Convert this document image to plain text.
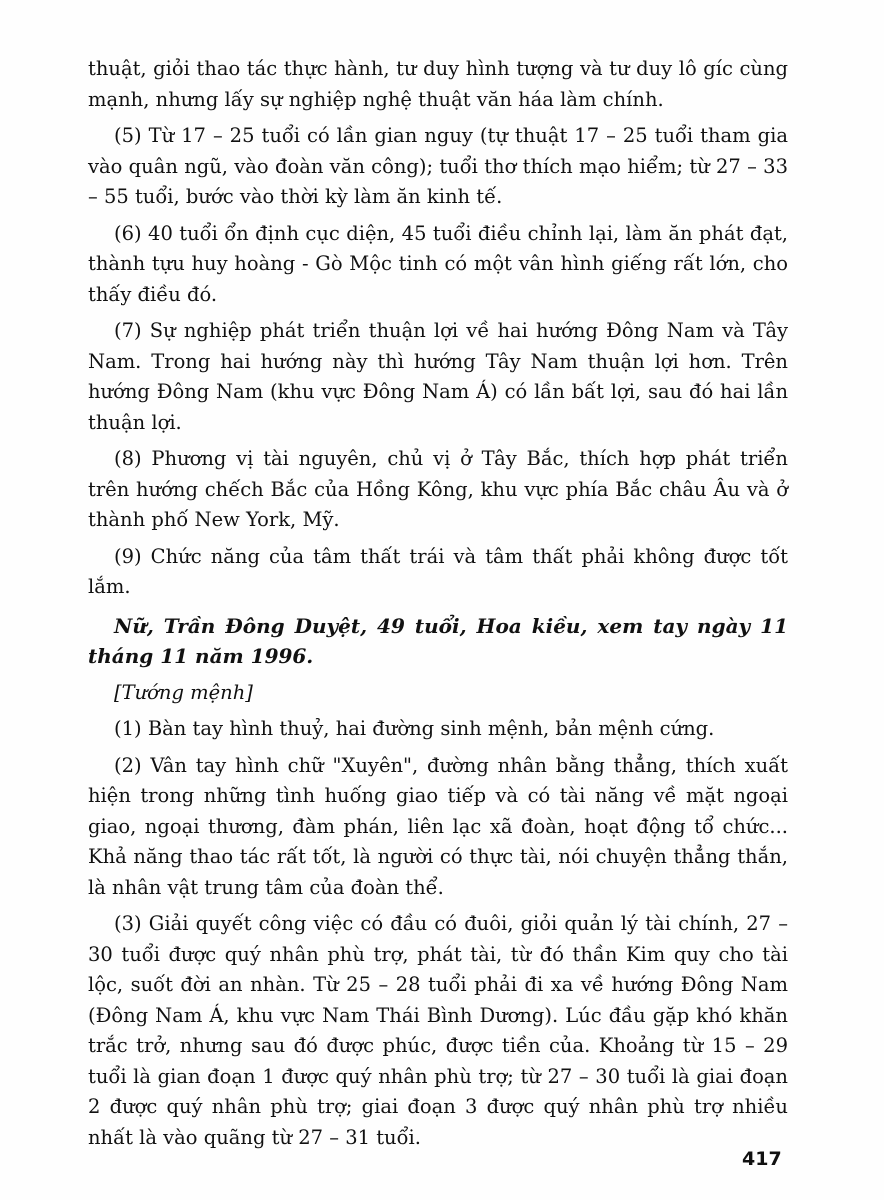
thuật, giỏi thao tác thực hành, tư duy hình tượng và tư duy lô gíc cùng mạnh, nhưng lấy sự nghiệp nghệ thuật văn háa làm chính.

(5) Từ 17 – 25 tuổi có lần gian nguy (tự thuật 17 – 25 tuổi tham gia vào quân ngũ, vào đoàn văn công); tuổi thơ thích mạo hiểm; từ 27 – 33 – 55 tuổi, bước vào thời kỳ làm ăn kinh tế.

(6) 40 tuổi ổn định cục diện, 45 tuổi điều chỉnh lại, làm ăn phát đạt, thành tựu huy hoàng - Gò Mộc tinh có một vân hình giếng rất lớn, cho thấy điều đó.

(7) Sự nghiệp phát triển thuận lợi về hai hướng Đông Nam và Tây Nam. Trong hai hướng này thì hướng Tây Nam thuận lợi hơn. Trên hướng Đông Nam (khu vực Đông Nam Á) có lần bất lợi, sau đó hai lần thuận lợi.

(8) Phương vị tài nguyên, chủ vị ở Tây Bắc, thích hợp phát triển trên hướng chếch Bắc của Hồng Kông, khu vực phía Bắc châu Âu và ở thành phố New York, Mỹ.

(9) Chức năng của tâm thất trái và tâm thất phải không được tốt lắm.

Nữ, Trần Đông Duyệt, 49 tuổi, Hoa kiều, xem tay ngày 11 tháng 11 năm 1996.

[Tướng mệnh]

(1) Bàn tay hình thuỷ, hai đường sinh mệnh, bản mệnh cứng.

(2) Vân tay hình chữ "Xuyên", đường nhân bằng thẳng, thích xuất hiện trong những tình huống giao tiếp và có tài năng về mặt ngoại giao, ngoại thương, đàm phán, liên lạc xã đoàn, hoạt động tổ chức... Khả năng thao tác rất tốt, là người có thực tài, nói chuyện thẳng thắn, là nhân vật trung tâm của đoàn thể.

(3) Giải quyết công việc có đầu có đuôi, giỏi quản lý tài chính, 27 – 30 tuổi được quý nhân phù trợ, phát tài, từ đó thần Kim quy cho tài lộc, suốt đời an nhàn. Từ 25 – 28 tuổi phải đi xa về hướng Đông Nam (Đông Nam Á, khu vực Nam Thái Bình Dương). Lúc đầu gặp khó khăn trắc trở, nhưng sau đó được phúc, được tiền của. Khoảng từ 15 – 29 tuổi là gian đoạn 1 được quý nhân phù trợ; từ 27 – 30 tuổi là giai đoạn 2 được quý nhân phù trợ; giai đoạn 3 được quý nhân phù trợ nhiều nhất là vào quãng từ 27 – 31 tuổi.

417
